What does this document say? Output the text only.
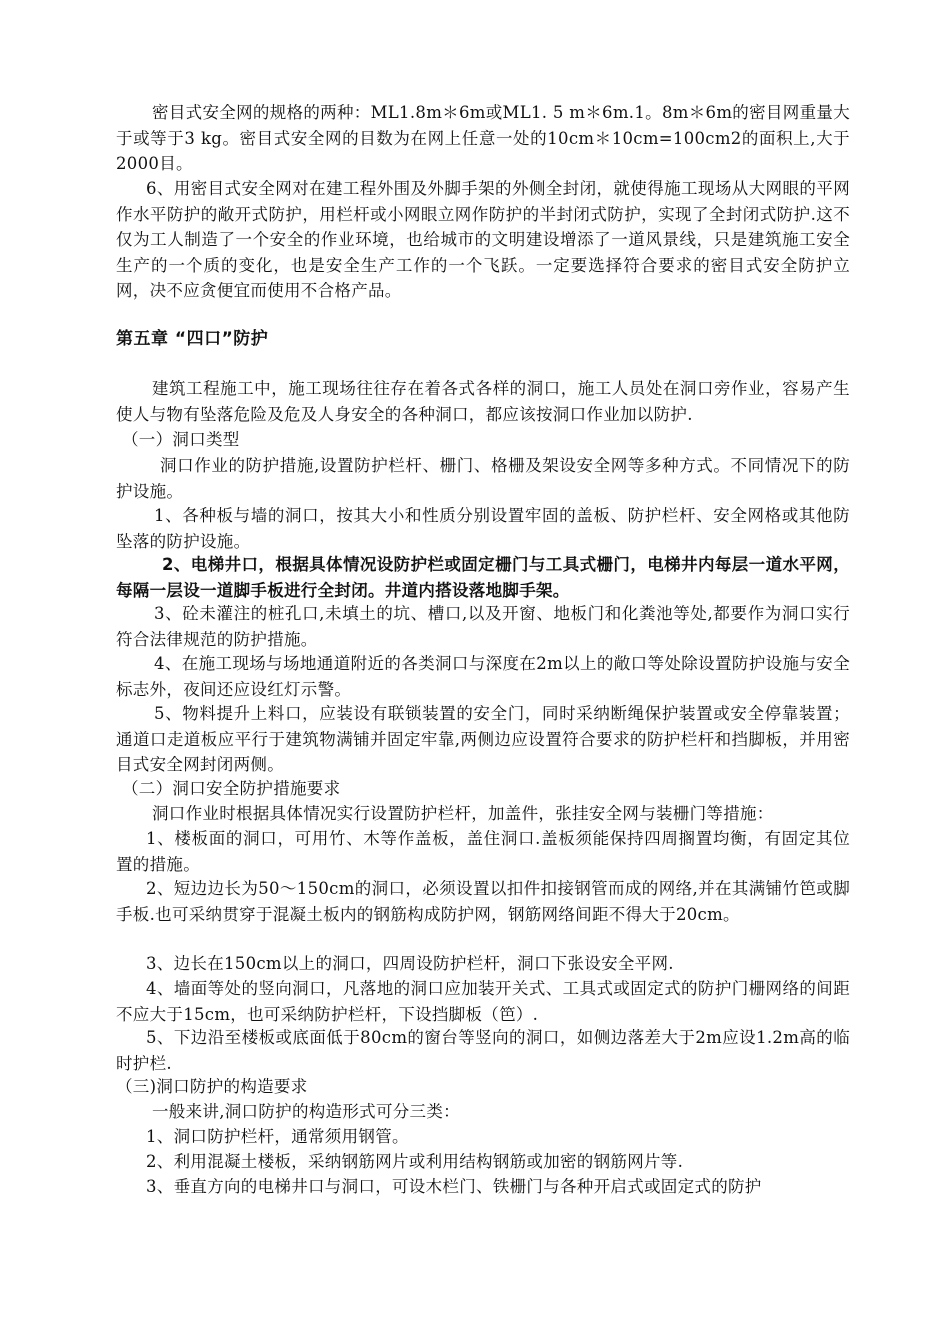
密目式安全网的规格的两种：ML1.8m＊6m或ML1. 5 m＊6m.1。8m＊6m的密目网重量大于或等于3 kg。密目式安全网的目数为在网上任意一处的10cm＊10cm=100cm2的面积上,大于2000目。

6、用密目式安全网对在建工程外围及外脚手架的外侧全封闭，就使得施工现场从大网眼的平网作水平防护的敞开式防护，用栏杆或小网眼立网作防护的半封闭式防护，实现了全封闭式防护.这不仅为工人制造了一个安全的作业环境，也给城市的文明建设增添了一道风景线，只是建筑施工安全生产的一个质的变化，也是安全生产工作的一个飞跃。一定要选择符合要求的密目式安全防护立网，决不应贪便宜而使用不合格产品。

第五章 “四口”防护

建筑工程施工中，施工现场往往存在着各式各样的洞口，施工人员处在洞口旁作业，容易产生使人与物有坠落危险及危及人身安全的各种洞口，都应该按洞口作业加以防护.

（一）洞口类型

洞口作业的防护措施,设置防护栏杆、栅门、格栅及架设安全网等多种方式。不同情况下的防护设施。

1、各种板与墙的洞口，按其大小和性质分别设置牢固的盖板、防护栏杆、安全网格或其他防坠落的防护设施。

2、电梯井口，根据具体情况设防护栏或固定栅门与工具式栅门，电梯井内每层一道水平网，每隔一层设一道脚手板进行全封闭。井道内搭设落地脚手架。

3、砼未灌注的桩孔口,未填土的坑、槽口,以及开窗、地板门和化粪池等处,都要作为洞口实行符合法律规范的防护措施。

4、在施工现场与场地通道附近的各类洞口与深度在2m以上的敞口等处除设置防护设施与安全标志外，夜间还应设红灯示警。

5、物料提升上料口，应装设有联锁装置的安全门，同时采纳断绳保护装置或安全停靠装置；通道口走道板应平行于建筑物满铺并固定牢靠,两侧边应设置符合要求的防护栏杆和挡脚板，并用密目式安全网封闭两侧。

（二）洞口安全防护措施要求

洞口作业时根据具体情况实行设置防护栏杆，加盖件，张挂安全网与装栅门等措施：

1、楼板面的洞口，可用竹、木等作盖板，盖住洞口.盖板须能保持四周搁置均衡，有固定其位置的措施。

2、短边边长为50～150cm的洞口，必须设置以扣件扣接钢管而成的网络,并在其满铺竹笆或脚手板.也可采纳贯穿于混凝土板内的钢筋构成防护网，钢筋网络间距不得大于20cm。

3、边长在150cm以上的洞口，四周设防护栏杆，洞口下张设安全平网.

4、墙面等处的竖向洞口，凡落地的洞口应加装开关式、工具式或固定式的防护门栅网络的间距不应大于15cm，也可采纳防护栏杆，下设挡脚板（笆）.

5、下边沿至楼板或底面低于80cm的窗台等竖向的洞口，如侧边落差大于2m应设1.2m高的临时护栏.

（三)洞口防护的构造要求

一般来讲,洞口防护的构造形式可分三类：

1、洞口防护栏杆，通常须用钢管。

2、利用混凝土楼板，采纳钢筋网片或利用结构钢筋或加密的钢筋网片等.

3、垂直方向的电梯井口与洞口，可设木栏门、铁栅门与各种开启式或固定式的防护
